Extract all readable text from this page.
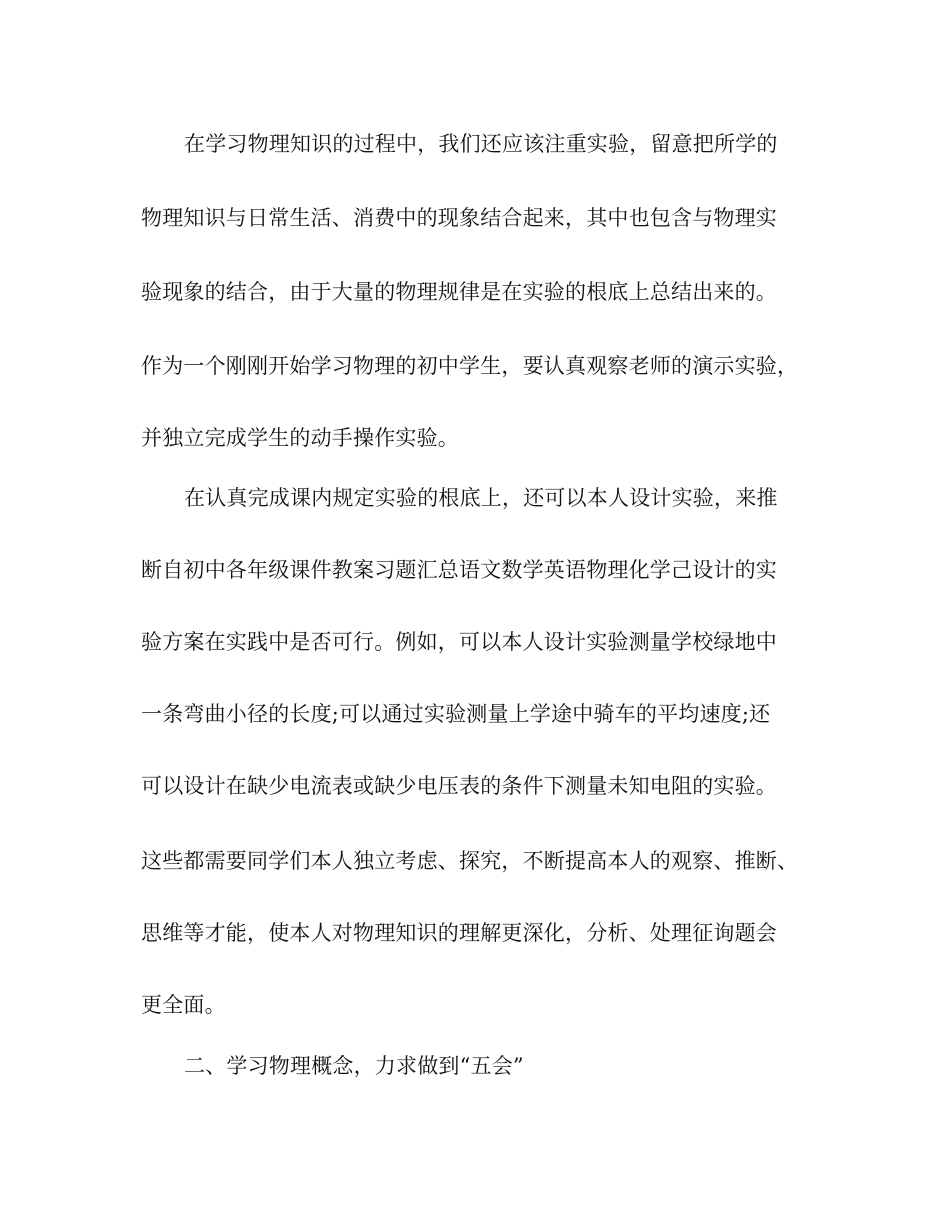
在学习物理知识的过程中，我们还应该注重实验，留意把所学的
物理知识与日常生活、消费中的现象结合起来，其中也包含与物理实
验现象的结合，由于大量的物理规律是在实验的根底上总结出来的。
作为一个刚刚开始学习物理的初中学生，要认真观察老师的演示实验，
并独立完成学生的动手操作实验。
在认真完成课内规定实验的根底上，还可以本人设计实验，来推
断自初中各年级课件教案习题汇总语文数学英语物理化学己设计的实
验方案在实践中是否可行。例如，可以本人设计实验测量学校绿地中
一条弯曲小径的长度;可以通过实验测量上学途中骑车的平均速度;还
可以设计在缺少电流表或缺少电压表的条件下测量未知电阻的实验。
这些都需要同学们本人独立考虑、探究，不断提高本人的观察、推断、
思维等才能，使本人对物理知识的理解更深化，分析、处理征询题会
更全面。
二、学习物理概念，力求做到“五会”
